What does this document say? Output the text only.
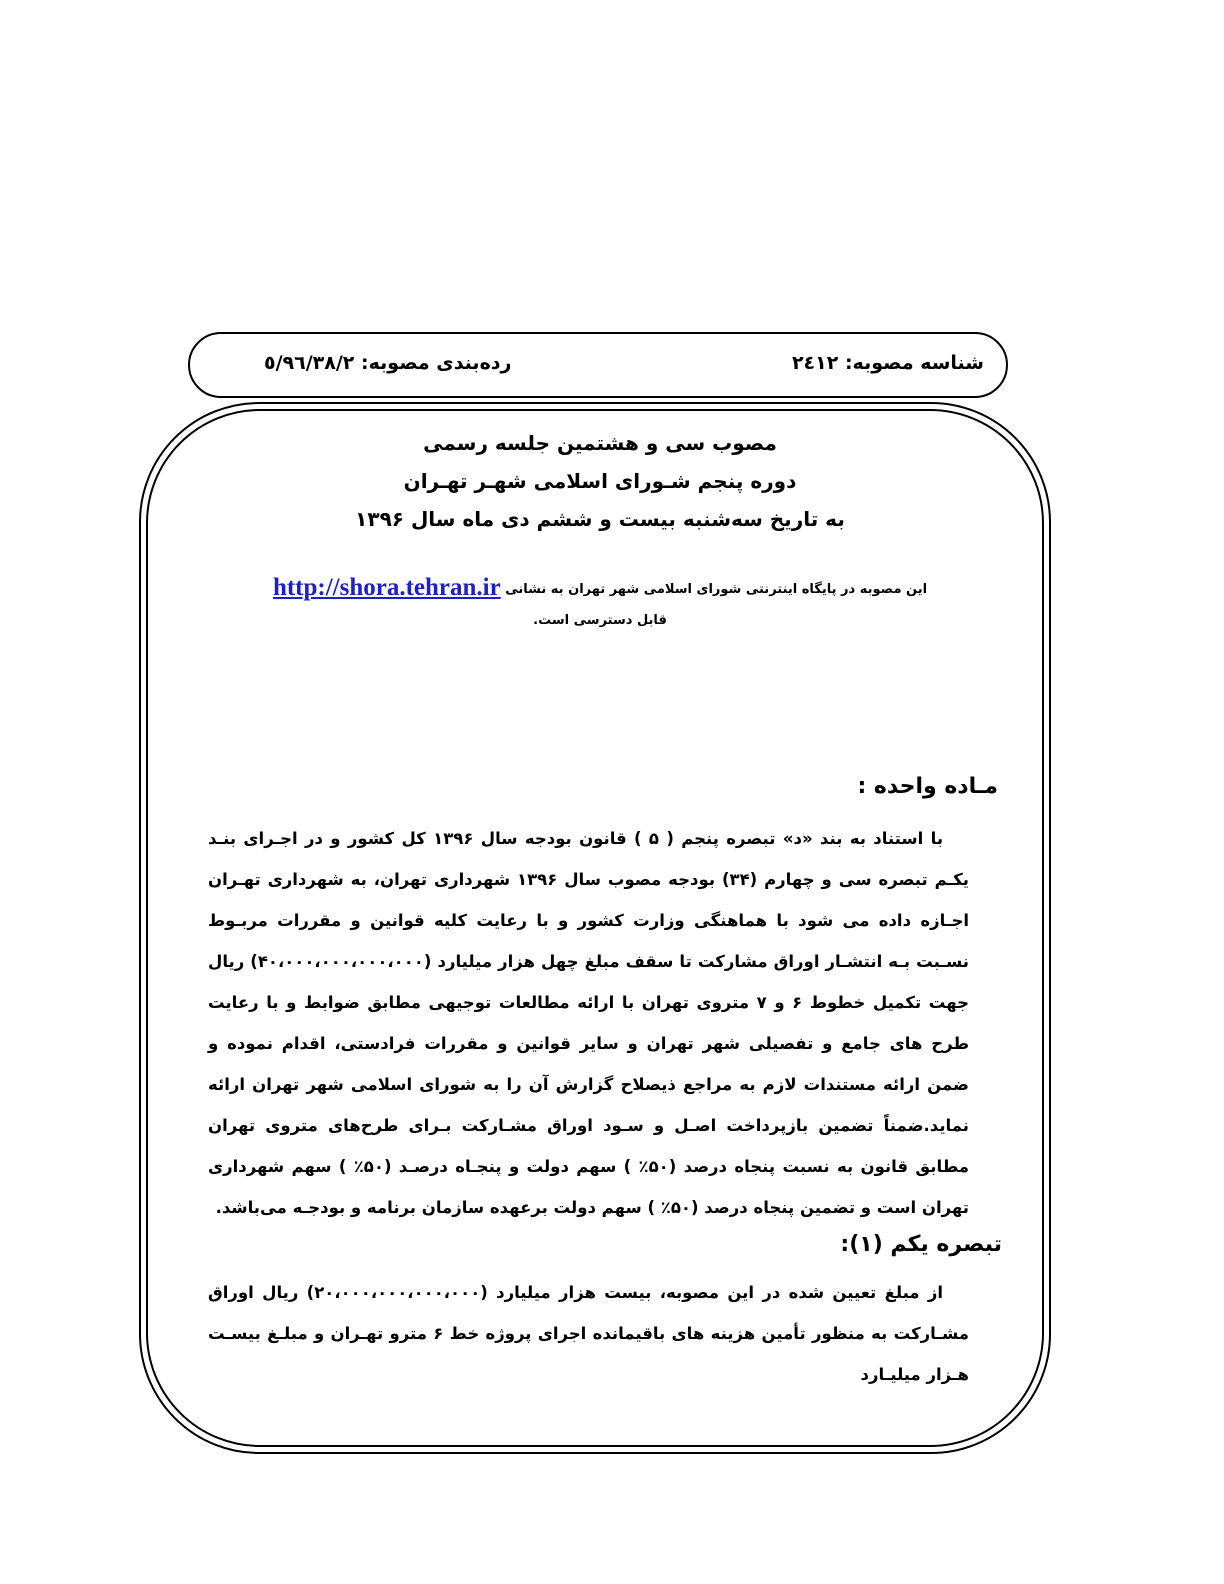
شناسه مصوبه: ۲٤۱۲
رده‌بندی مصوبه: ٥/٩٦/٣٨/٢
مصوب سی و هشتمین جلسه رسمی
دوره پنجم شـورای اسلامی شهـر تهـران
به تاریخ سه‌شنبه بیست و ششم دی ماه سال ۱۳۹۶
این مصوبه در پایگاه اینترنتی شورای اسلامی شهر تهران به نشانی http://shora.tehran.ir
قابل دسترسی است.
مـاده واحده :

با استناد به بند «د» تبصره پنجم ( ۵ ) قانون بودجه سال ۱۳۹۶ کل کشور و در اجـرای بنـد یکـم تبصره سی و چهارم (۳۴) بودجه مصوب سال ۱۳۹۶ شهرداری تهران، به شهرداری تهـران اجـازه داده می شود با هماهنگی وزارت کشور و با رعایت کلیه قوانین و مقررات مربـوط نسـبت بـه انتشـار اوراق مشارکت تا سقف مبلغ چهل هزار میلیارد (۴۰،۰۰۰،۰۰۰،۰۰۰،۰۰۰) ریال جهت تکمیل خطوط ۶ و ۷ متروی تهران با ارائه مطالعات توجیهی مطابق ضوابط و با رعایت طرح های جامع و تفصیلی شهر تهران و سایر قوانین و مقررات فرادستی، اقدام نموده و ضمن ارائه مستندات لازم به مراجع ذیصلاح گزارش آن را به شورای اسلامی شهر تهران ارائه نماید.ضمناً تضمین بازپرداخت اصـل و سـود اوراق مشـارکت بـرای طرح‌های متروی تهران مطابق قانون به نسبت پنجاه درصد (۵۰٪ ) سهم دولت و پنجـاه درصـد (۵۰٪ ) سهم شهرداری تهران است و تضمین پنجاه درصد (۵۰٪ ) سهم دولت برعهده سازمان برنامه و بودجـه می‌باشد.

تبصره یکم (۱):

از مبلغ تعیین شده در این مصوبه، بیست هزار میلیارد (۲۰،۰۰۰،۰۰۰،۰۰۰،۰۰۰) ریال اوراق مشـارکت به منظور تأمین هزینه های باقیمانده اجرای پروژه خط ۶ مترو تهـران و مبلـغ بیسـت هـزار میلیـارد
